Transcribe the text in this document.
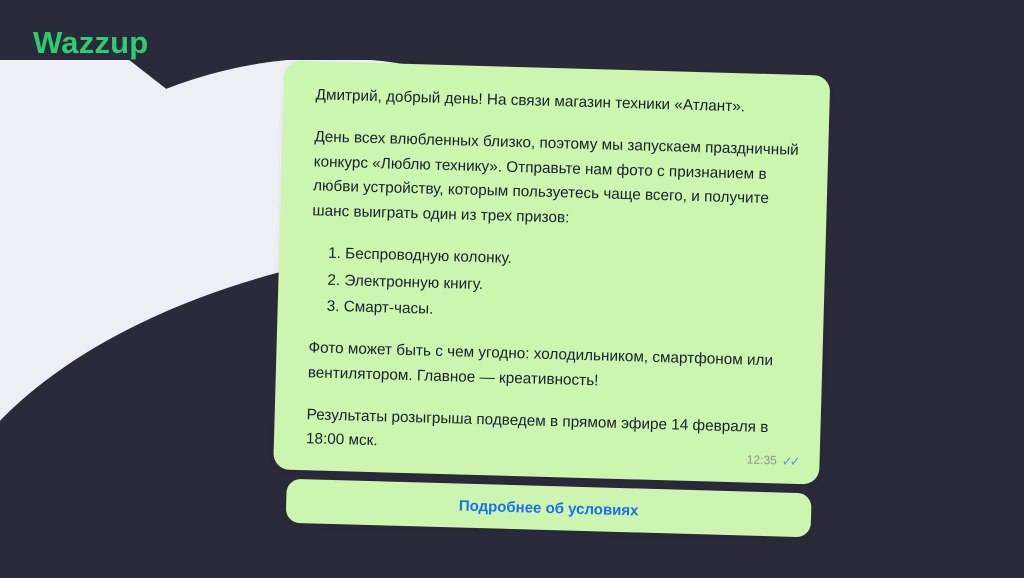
Wazzup

Дмитрий, добрый день! На связи магазин техники «Атлант».

День всех влюбленных близко, поэтому мы запускаем праздничный конкурс «Люблю технику». Отправьте нам фото с признанием в любви устройству, которым пользуетесь чаще всего, и получите шанс выиграть один из трех призов:

1. Беспроводную колонку.
2. Электронную книгу.
3. Смарт-часы.

Фото может быть с чем угодно: холодильником, смартфоном или вентилятором. Главное — креативность!

Результаты розыгрыша подведем в прямом эфире 14 февраля в 18:00 мск.

12:35 ✓✓
Подробнее об условиях
